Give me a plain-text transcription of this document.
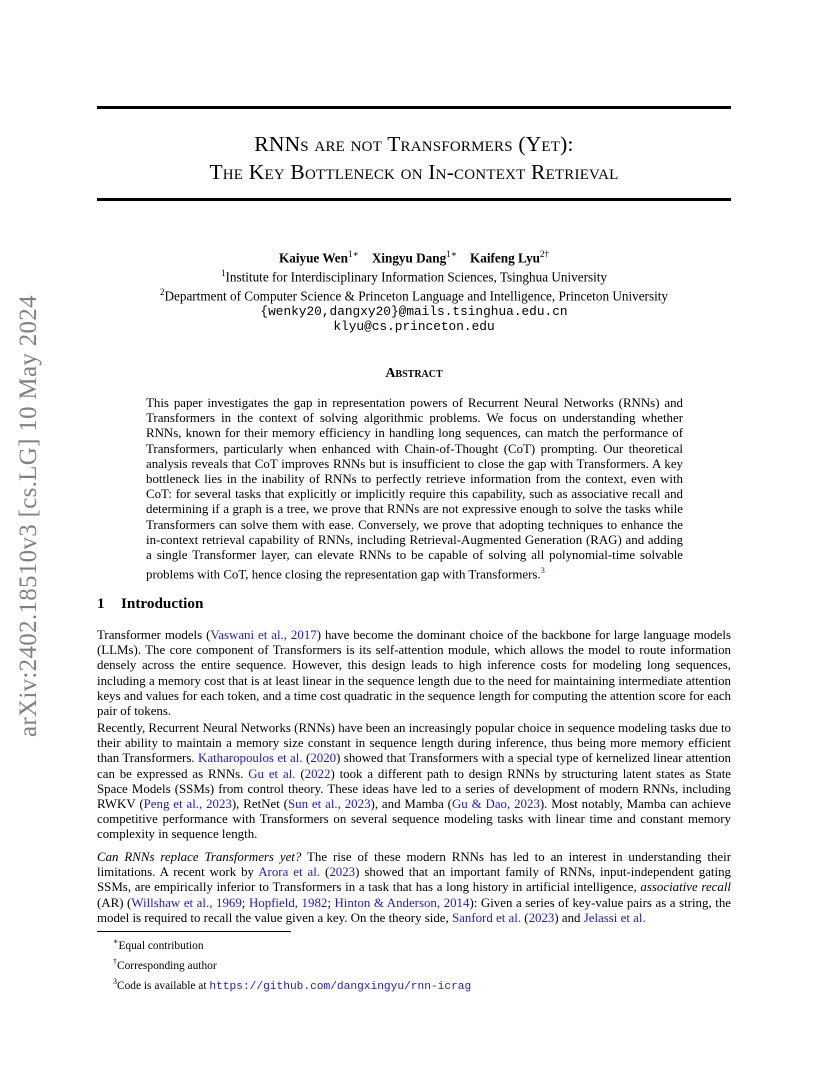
arXiv:2402.18510v3 [cs.LG] 10 May 2024
RNNs are not Transformers (Yet):
The Key Bottleneck on In-context Retrieval
Kaiyue Wen$^{1∗}$ Xingyu Dang$^{1∗}$ Kaifeng Lyu$^{2\dagger}$
$^1$Institute for Interdisciplinary Information Sciences, Tsinghua University
$^2$Department of Computer Science & Princeton Language and Intelligence, Princeton University
{wenky20,dangxy20}@mails.tsinghua.edu.cn
klyu@cs.princeton.edu
Abstract
This paper investigates the gap in representation powers of Recurrent Neural Networks (RNNs) and Transformers in the context of solving algorithmic problems. We focus on understanding whether RNNs, known for their memory efficiency in handling long sequences, can match the performance of Transformers, particularly when enhanced with Chain-of-Thought (CoT) prompting. Our theoretical analysis reveals that CoT improves RNNs but is insufficient to close the gap with Transformers. A key bottleneck lies in the inability of RNNs to perfectly retrieve information from the context, even with CoT: for several tasks that explicitly or implicitly require this capability, such as associative recall and determining if a graph is a tree, we prove that RNNs are not expressive enough to solve the tasks while Transformers can solve them with ease. Conversely, we prove that adopting techniques to enhance the in-context retrieval capability of RNNs, including Retrieval-Augmented Generation (RAG) and adding a single Transformer layer, can elevate RNNs to be capable of solving all polynomial-time solvable problems with CoT, hence closing the representation gap with Transformers.$^3$
1 Introduction
Transformer models (Vaswani et al., 2017) have become the dominant choice of the backbone for large language models (LLMs). The core component of Transformers is its self-attention module, which allows the model to route information densely across the entire sequence. However, this design leads to high inference costs for modeling long sequences, including a memory cost that is at least linear in the sequence length due to the need for maintaining intermediate attention keys and values for each token, and a time cost quadratic in the sequence length for computing the attention score for each pair of tokens.
Recently, Recurrent Neural Networks (RNNs) have been an increasingly popular choice in sequence modeling tasks due to their ability to maintain a memory size constant in sequence length during inference, thus being more memory efficient than Transformers. Katharopoulos et al. (2020) showed that Transformers with a special type of kernelized linear attention can be expressed as RNNs. Gu et al. (2022) took a different path to design RNNs by structuring latent states as State Space Models (SSMs) from control theory. These ideas have led to a series of development of modern RNNs, including RWKV (Peng et al., 2023), RetNet (Sun et al., 2023), and Mamba (Gu & Dao, 2023). Most notably, Mamba can achieve competitive performance with Transformers on several sequence modeling tasks with linear time and constant memory complexity in sequence length.
Can RNNs replace Transformers yet? The rise of these modern RNNs has led to an interest in understanding their limitations. A recent work by Arora et al. (2023) showed that an important family of RNNs, input-independent gating SSMs, are empirically inferior to Transformers in a task that has a long history in artificial intelligence, associative recall (AR) (Willshaw et al., 1969; Hopfield, 1982; Hinton & Anderson, 2014): Given a series of key-value pairs as a string, the model is required to recall the value given a key. On the theory side, Sanford et al. (2023) and Jelassi et al.
∗Equal contribution
†Corresponding author
$^3$Code is available at https://github.com/dangxingyu/rnn-icrag
